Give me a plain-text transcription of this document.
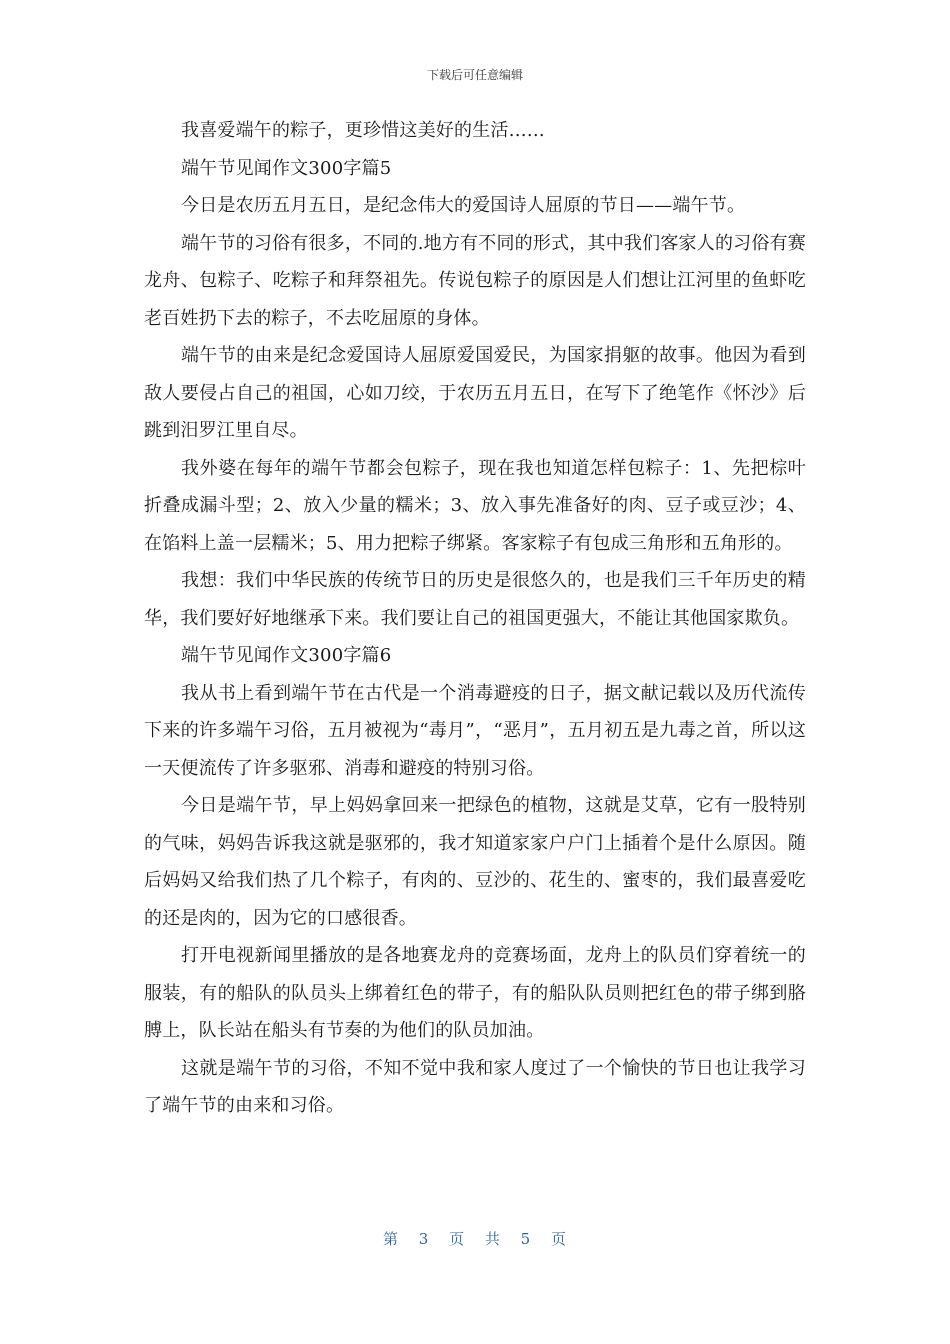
下载后可任意编辑

我喜爱端午的粽子，更珍惜这美好的生活……

端午节见闻作文300字篇5

今日是农历五月五日，是纪念伟大的爱国诗人屈原的节日——端午节。

端午节的习俗有很多，不同的.地方有不同的形式，其中我们客家人的习俗有赛龙舟、包粽子、吃粽子和拜祭祖先。传说包粽子的原因是人们想让江河里的鱼虾吃老百姓扔下去的粽子，不去吃屈原的身体。

端午节的由来是纪念爱国诗人屈原爱国爱民，为国家捐躯的故事。他因为看到敌人要侵占自己的祖国，心如刀绞，于农历五月五日，在写下了绝笔作《怀沙》后跳到汨罗江里自尽。

我外婆在每年的端午节都会包粽子，现在我也知道怎样包粽子：1、先把棕叶折叠成漏斗型；2、放入少量的糯米；3、放入事先准备好的肉、豆子或豆沙；4、在馅料上盖一层糯米；5、用力把粽子绑紧。客家粽子有包成三角形和五角形的。

我想：我们中华民族的传统节日的历史是很悠久的，也是我们三千年历史的精华，我们要好好地继承下来。我们要让自己的祖国更强大，不能让其他国家欺负。

端午节见闻作文300字篇6

我从书上看到端午节在古代是一个消毒避疫的日子，据文献记载以及历代流传下来的许多端午习俗，五月被视为“毒月”，“恶月”，五月初五是九毒之首，所以这一天便流传了许多驱邪、消毒和避疫的特别习俗。

今日是端午节，早上妈妈拿回来一把绿色的植物，这就是艾草，它有一股特别的气味，妈妈告诉我这就是驱邪的，我才知道家家户户门上插着个是什么原因。随后妈妈又给我们热了几个粽子，有肉的、豆沙的、花生的、蜜枣的，我们最喜爱吃的还是肉的，因为它的口感很香。

打开电视新闻里播放的是各地赛龙舟的竞赛场面，龙舟上的队员们穿着统一的服装，有的船队的队员头上绑着红色的带子，有的船队队员则把红色的带子绑到胳膊上，队长站在船头有节奏的为他们的队员加油。

这就是端午节的习俗，不知不觉中我和家人度过了一个愉快的节日也让我学习了端午节的由来和习俗。

第 3 页 共 5 页
